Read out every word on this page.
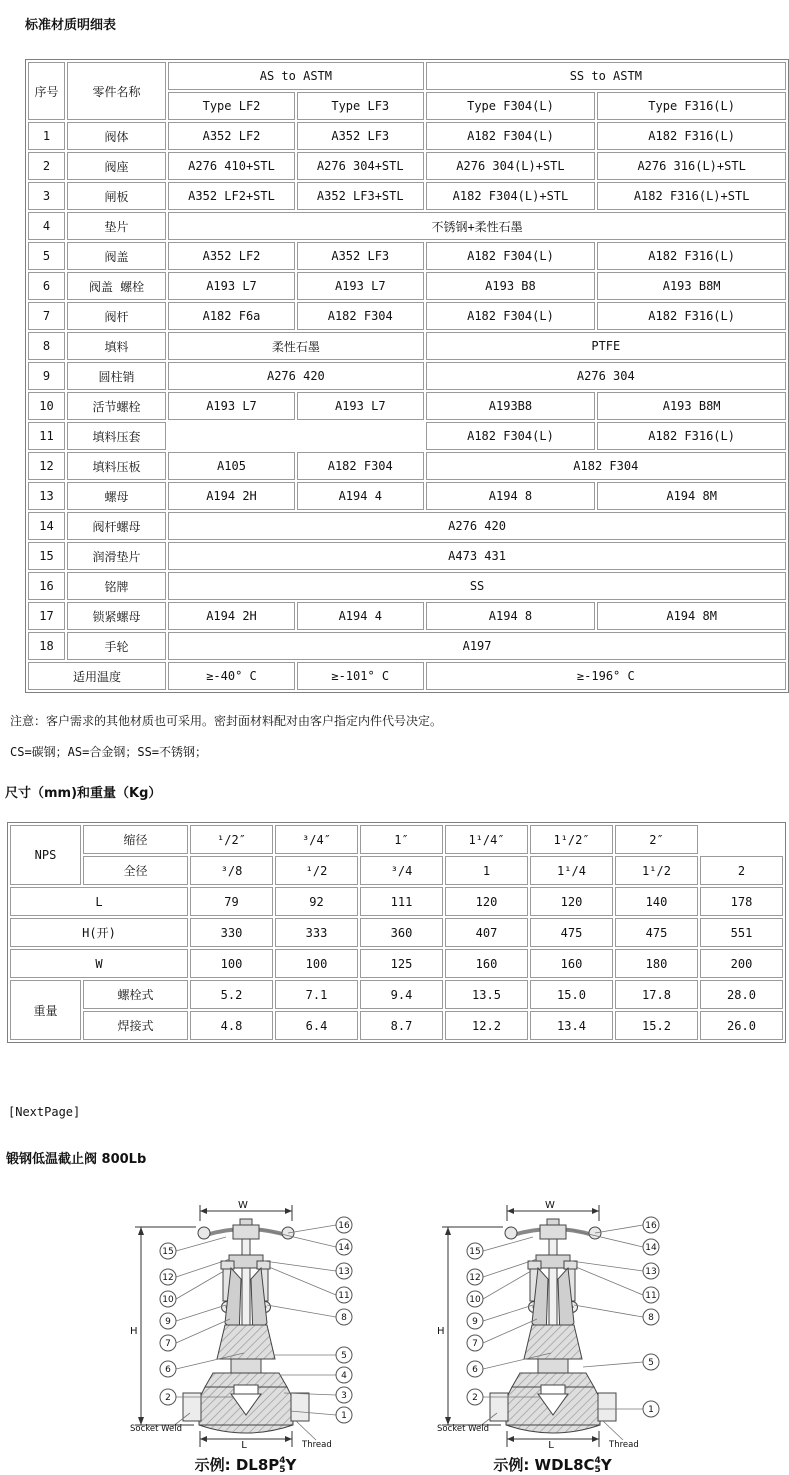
标准材质明细表
序号	零件名称	AS to ASTM		SS to ASTM	
		Type LF2	Type LF3	Type F304(L)	Type F316(L)
1	阀体	A352 LF2	A352 LF3	A182 F304(L)	A182 F316(L)
2	阀座	A276 410+STL	A276 304+STL	A276 304(L)+STL	A276 316(L)+STL
3	闸板	A352 LF2+STL	A352 LF3+STL	A182 F304(L)+STL	A182 F316(L)+STL
4	垫片	不锈钢+柔性石墨			
5	阀盖	A352 LF2	A352 LF3	A182 F304(L)	A182 F316(L)
6	阀盖 螺栓	A193 L7	A193 L7	A193 B8	A193 B8M
7	阀杆	A182 F6a	A182 F304	A182 F304(L)	A182 F316(L)
8	填料	柔性石墨		PTFE	
9	圆柱销	A276 420		A276 304	
10	活节螺栓	A193 L7	A193 L7	A193B8	A193 B8M
11	填料压套			A182 F304(L)	A182 F316(L)
12	填料压板	A105	A182 F304	A182 F304	
13	螺母	A194 2H	A194 4	A194 8	A194 8M
14	阀杆螺母	A276 420			
15	润滑垫片	A473 431			
16	铭牌	SS			
17	锁紧螺母	A194 2H	A194 4	A194 8	A194 8M
18	手轮	A197			
适用温度		≥-40° C	≥-101° C	≥-196° C	
注意：客户需求的其他材质也可采用。密封面材料配对由客户指定内件代号决定。
CS=碳钢；AS=合金钢；SS=不锈钢；
尺寸（mm)和重量（Kg）
NPS	缩径	¹/2″	³/4″	1″	1¹/4″	1¹/2″	2″	
	全径	³/8	¹/2	³/4	1	1¹/4	1¹/2	2
L		79	92	111	120	120	140	178
H(开)		330	333	360	407	475	475	551
W		100	100	125	160	160	180	200
重量	螺栓式	5.2	7.1	9.4	13.5	15.0	17.8	28.0
	焊接式	4.8	6.4	8.7	12.2	13.4	15.2	26.0
[NextPage]
锻钢低温截止阀 800Lb
W
H
L
Socket Weld
Thread
16
14
13
11
8
5
4
3
1
15
12
10
9
7
6
2
示例: DL8P 4
5 Y
W
H
L
Socket Weld
Thread
16
14
13
11
8
5
1
15
12
10
9
7
6
2
示例: WDL8C 4
5 Y
